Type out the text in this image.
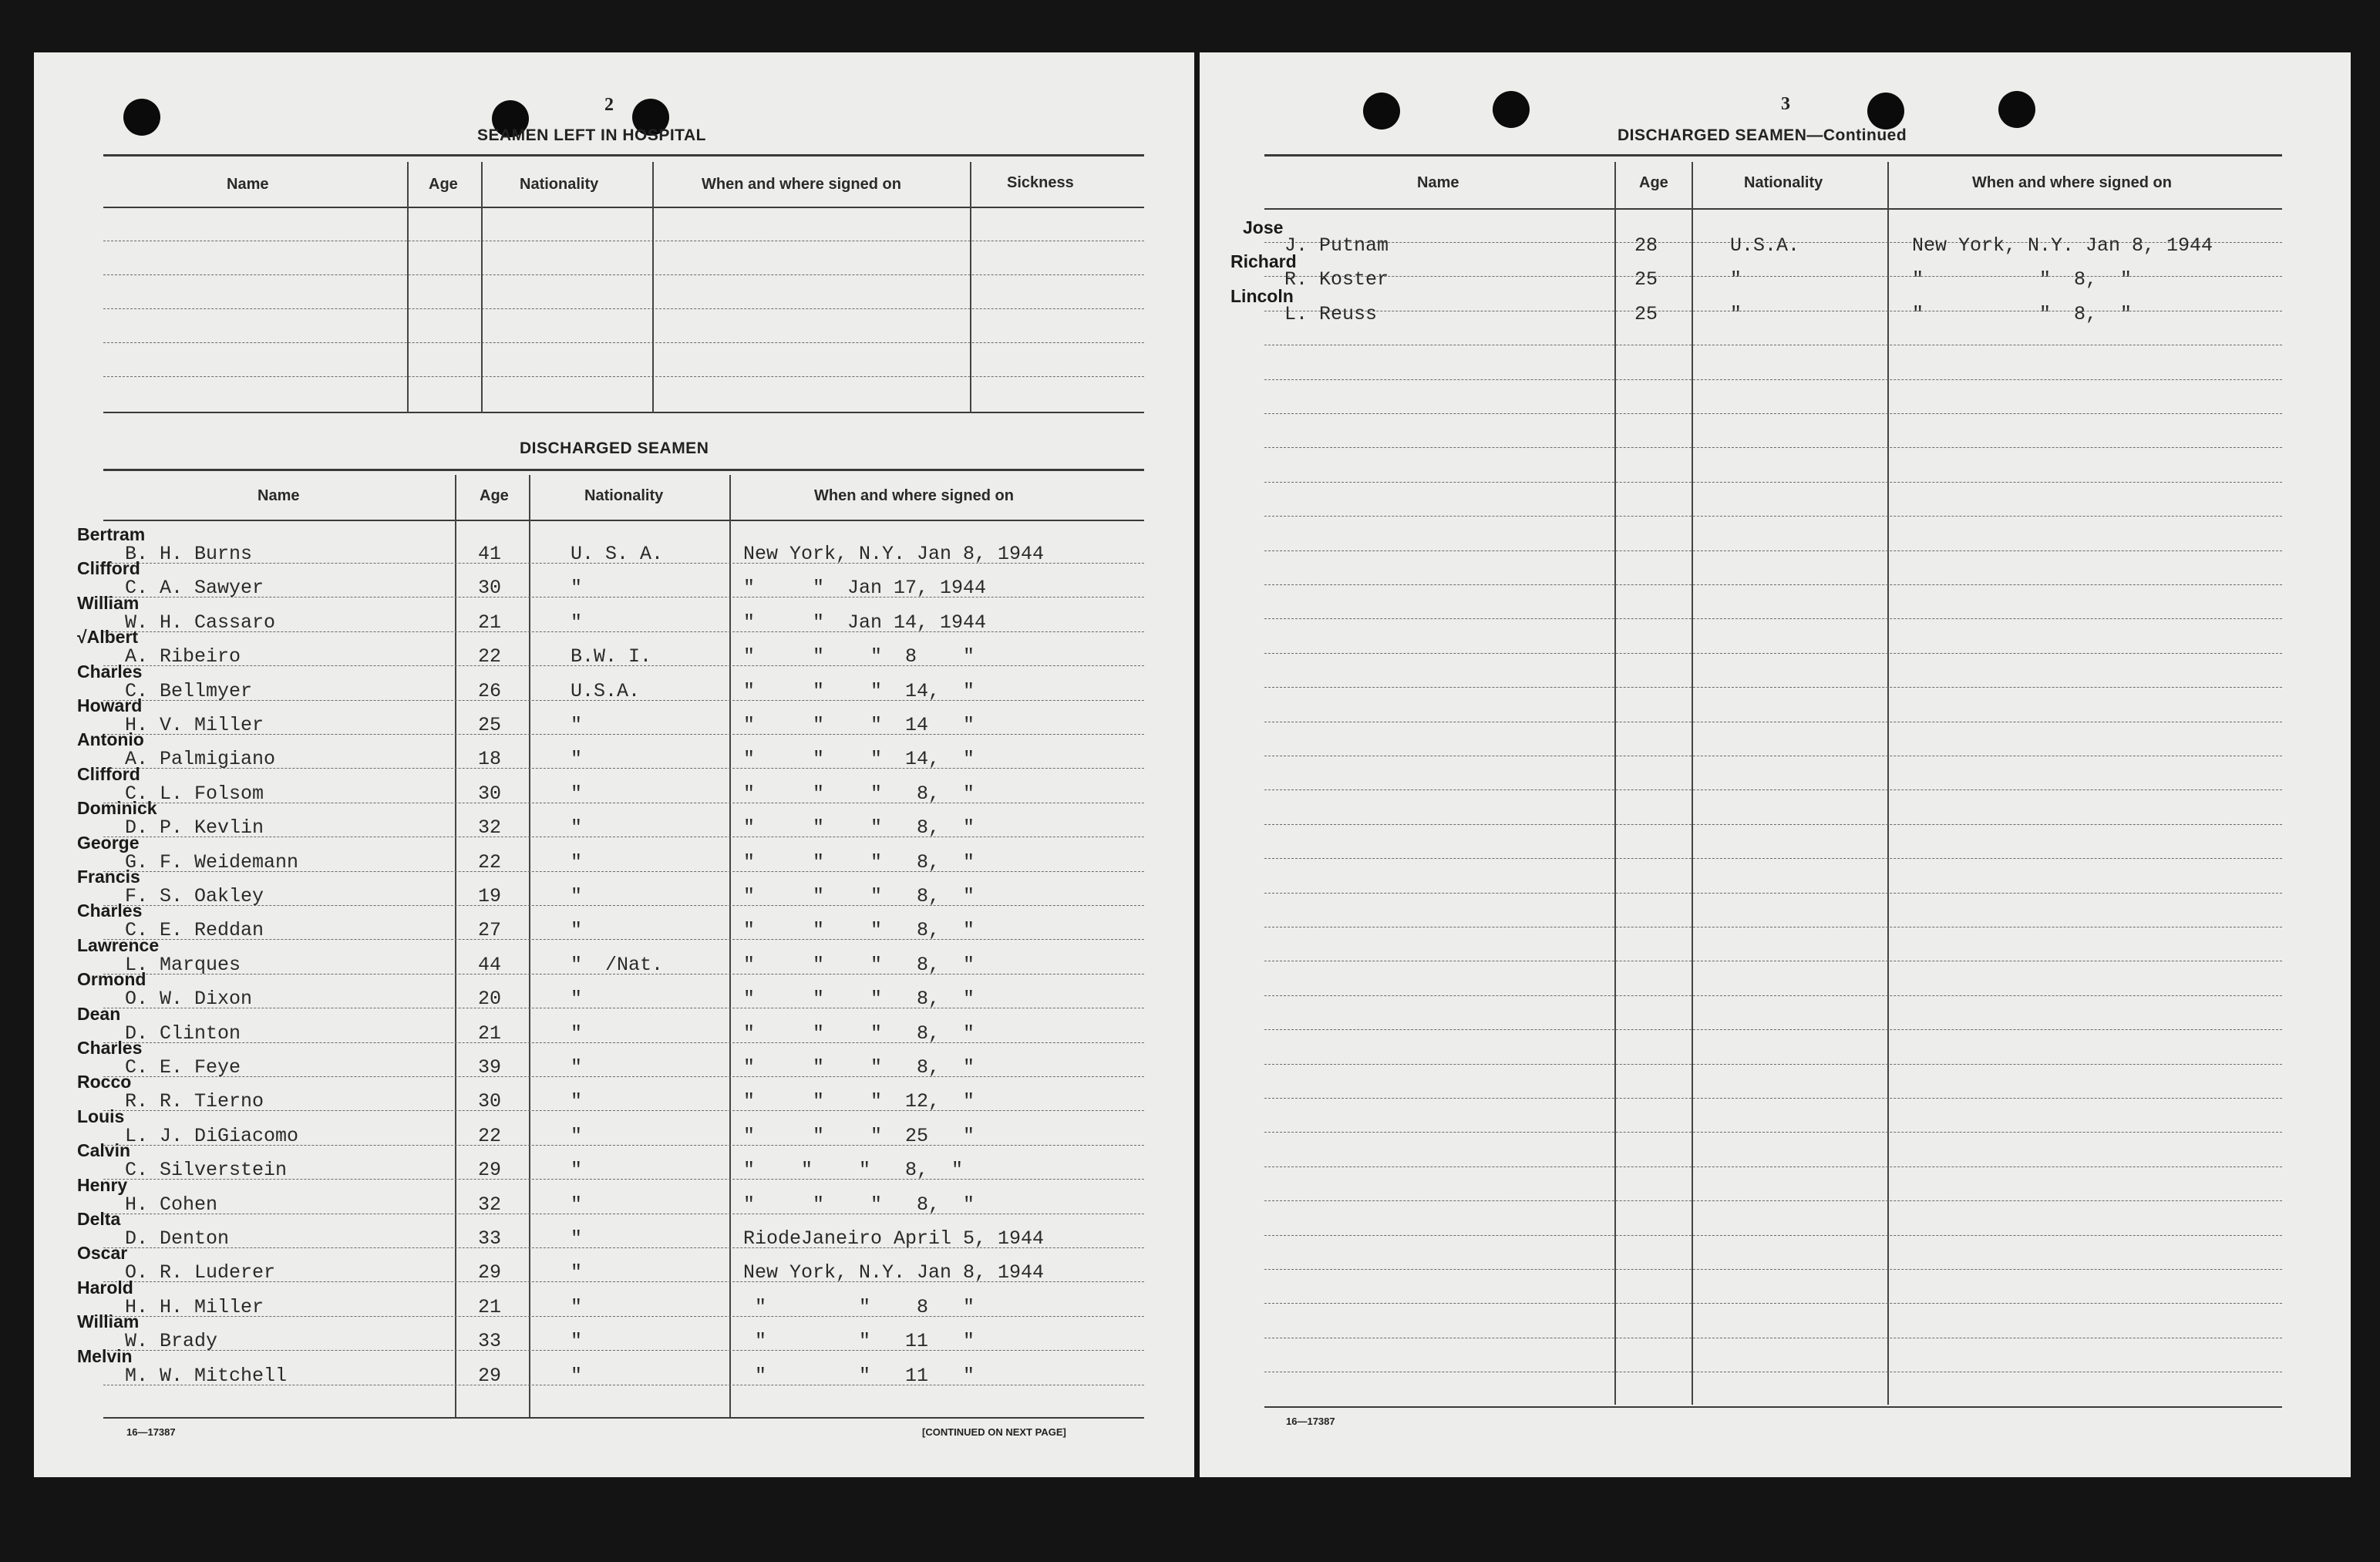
2
SEAMEN LEFT IN HOSPITAL
Name	Age	Nationality	When and where signed on	Sickness
DISCHARGED SEAMEN
Name	Age	Nationality	When and where signed on
Bertram
B. H. Burns	41	U. S. A.	New York, N.Y. Jan 8, 1944
Clifford
C. A. Sawyer	30	"	"     "  Jan 17, 1944
William
W. H. Cassaro	21	"	"     "  Jan 14, 1944
√Albert
A. Ribeiro	22	B.W. I.	"     "    "  8    "
Charles
C. Bellmyer	26	U.S.A.	"     "    "  14,  "
Howard
H. V. Miller	25	"	"     "    "  14   "
Antonio
A. Palmigiano	18	"	"     "    "  14,  "
Clifford
C. L. Folsom	30	"	"     "    "   8,  "
Dominick
D. P. Kevlin	32	"	"     "    "   8,  "
George
G. F. Weidemann	22	"	"     "    "   8,  "
Francis
F. S. Oakley	19	"	"     "    "   8,  "
Charles
C. E. Reddan	27	"	"     "    "   8,  "
Lawrence
L. Marques	44	"  /Nat.	"     "    "   8,  "
Ormond
O. W. Dixon	20	"	"     "    "   8,  "
Dean
D. Clinton	21	"	"     "    "   8,  "
Charles
C. E. Feye	39	"	"     "    "   8,  "
Rocco
R. R. Tierno	30	"	"     "    "  12,  "
Louis
L. J. DiGiacomo	22	"	"     "    "  25   "
Calvin
C. Silverstein	29	"	"    "    "   8,  "
Henry
H. Cohen	32	"	"     "    "   8,  "
Delta
D. Denton	33	"	RiodeJaneiro April 5, 1944
Oscar
O. R. Luderer	29	"	New York, N.Y. Jan 8, 1944
Harold
H. H. Miller	21	"	"        "    8   "
William
W. Brady	33	"	"        "   11   "
Melvin
M. W. Mitchell	29	"	"        "   11   "
16—17387	[CONTINUED ON NEXT PAGE]
3
DISCHARGED SEAMEN—Continued
Name	Age	Nationality	When and where signed on
Jose
J. Putnam	28	U.S.A.	New York, N.Y. Jan 8, 1944
Richard
R. Koster	25	"	"          "  8,  "
Lincoln
L. Reuss	25	"	"          "  8,  "
16—17387
